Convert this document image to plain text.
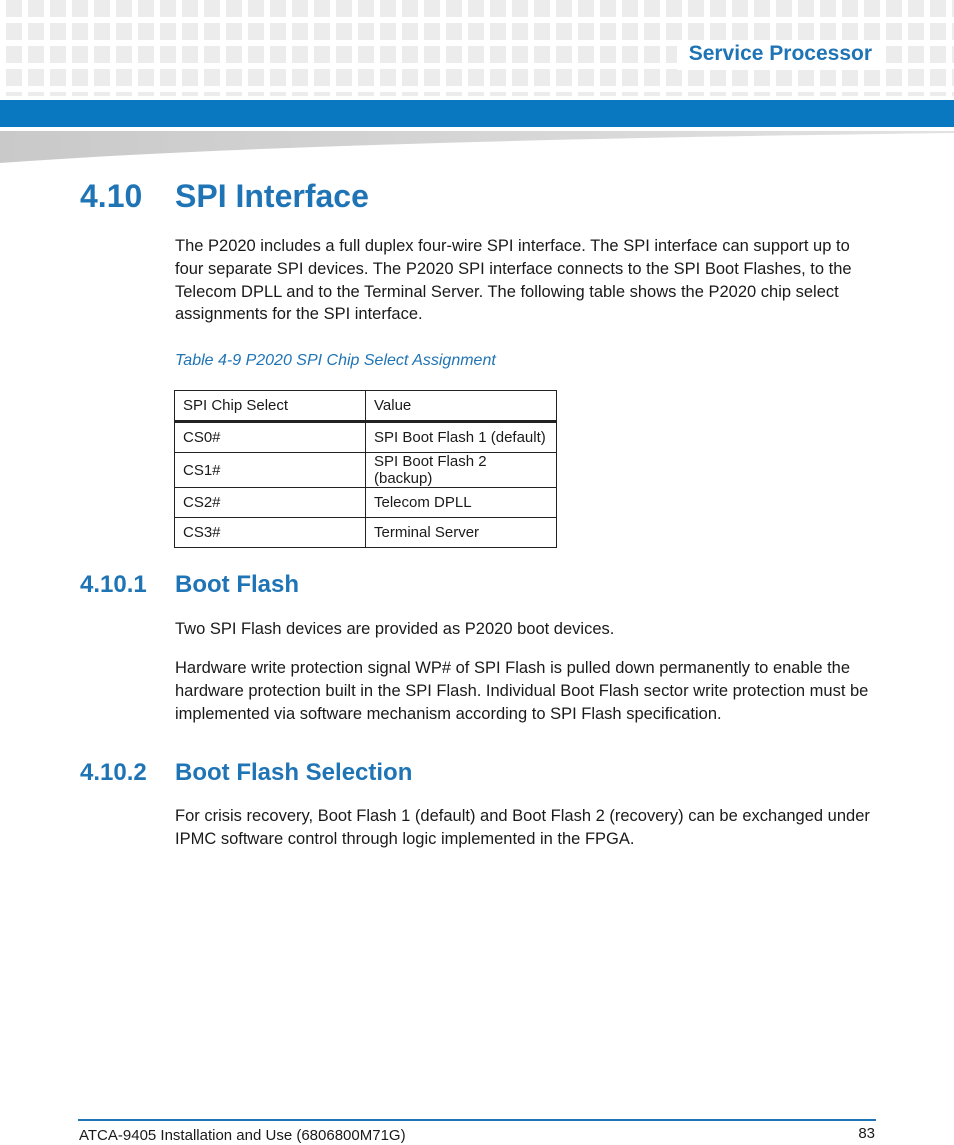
Service Processor
4.10 SPI Interface
The P2020 includes a full duplex four-wire SPI interface. The SPI interface can support up to four separate SPI devices. The P2020 SPI interface connects to the SPI Boot Flashes, to the Telecom DPLL and to the Terminal Server. The following table shows the P2020 chip select assignments for the SPI interface.
Table 4-9 P2020 SPI Chip Select Assignment
SPI Chip Select	Value
CS0#	SPI Boot Flash 1 (default)
CS1#	SPI Boot Flash 2 (backup)
CS2#	Telecom DPLL
CS3#	Terminal Server
4.10.1 Boot Flash
Two SPI Flash devices are provided as P2020 boot devices.
Hardware write protection signal WP# of SPI Flash is pulled down permanently to enable the hardware protection built in the SPI Flash. Individual Boot Flash sector write protection must be implemented via software mechanism according to SPI Flash specification.
4.10.2 Boot Flash Selection
For crisis recovery, Boot Flash 1 (default) and Boot Flash 2 (recovery) can be exchanged under IPMC software control through logic implemented in the FPGA.
ATCA-9405 Installation and Use (6806800M71G)	83
